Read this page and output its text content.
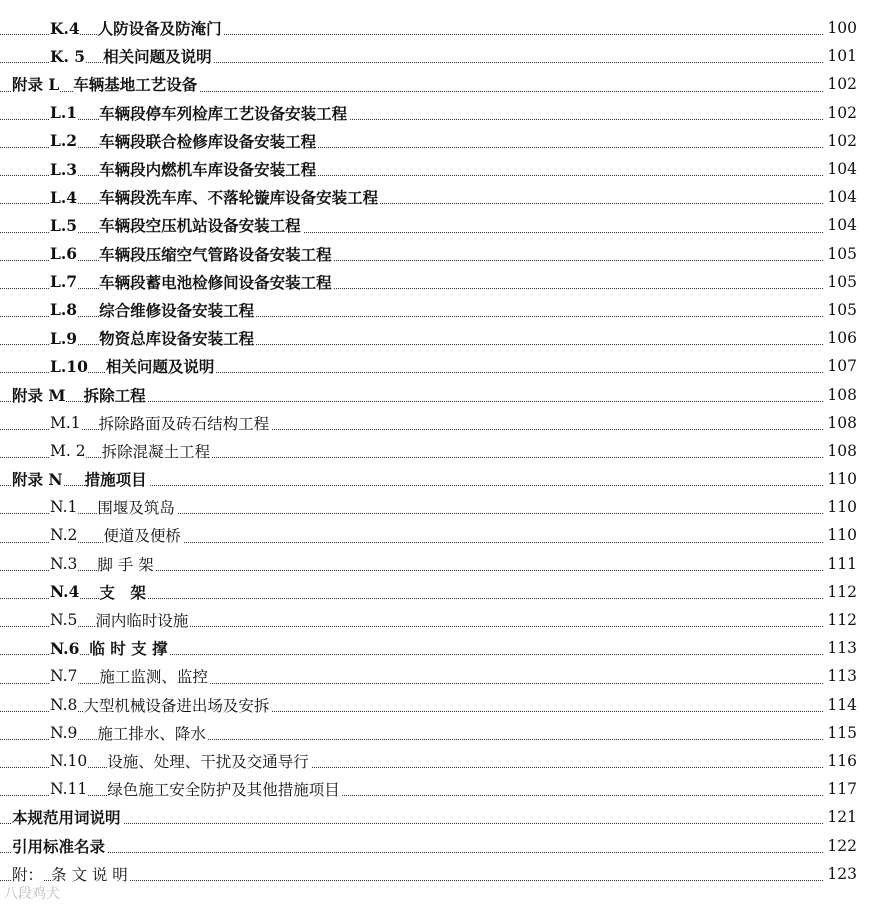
K.4 人防设备及防淹门	100
K. 5 相关问题及说明	101
附录 L 车辆基地工艺设备	102
L.1 车辆段停车列检库工艺设备安装工程	102
L.2 车辆段联合检修库设备安装工程	102
L.3 车辆段内燃机车库设备安装工程	104
L.4 车辆段洗车库、不落轮镟库设备安装工程	104
L.5 车辆段空压机站设备安装工程	104
L.6 车辆段压缩空气管路设备安装工程	105
L.7 车辆段蓄电池检修间设备安装工程	105
L.8 综合维修设备安装工程	105
L.9 物资总库设备安装工程	106
L.10 相关问题及说明	107
附录 M 拆除工程	108
M.1 拆除路面及砖石结构工程	108
M. 2 拆除混凝土工程	108
附录 N 措施项目	110
N.1 围堰及筑岛	110
N.2 便道及便桥	110
N.3 脚 手 架	111
N.4 支　架	112
N.5 洞内临时设施	112
N.6 临 时 支 撑	113
N.7 施工监测、监控	113
N.8 大型机械设备进出场及安拆	114
N.9 施工排水、降水	115
N.10 设施、处理、干扰及交通导行	116
N.11 绿色施工安全防护及其他措施项目	117
本规范用词说明	121
引用标准名录	122
附： 条 文 说 明	123
八段鸡犬
